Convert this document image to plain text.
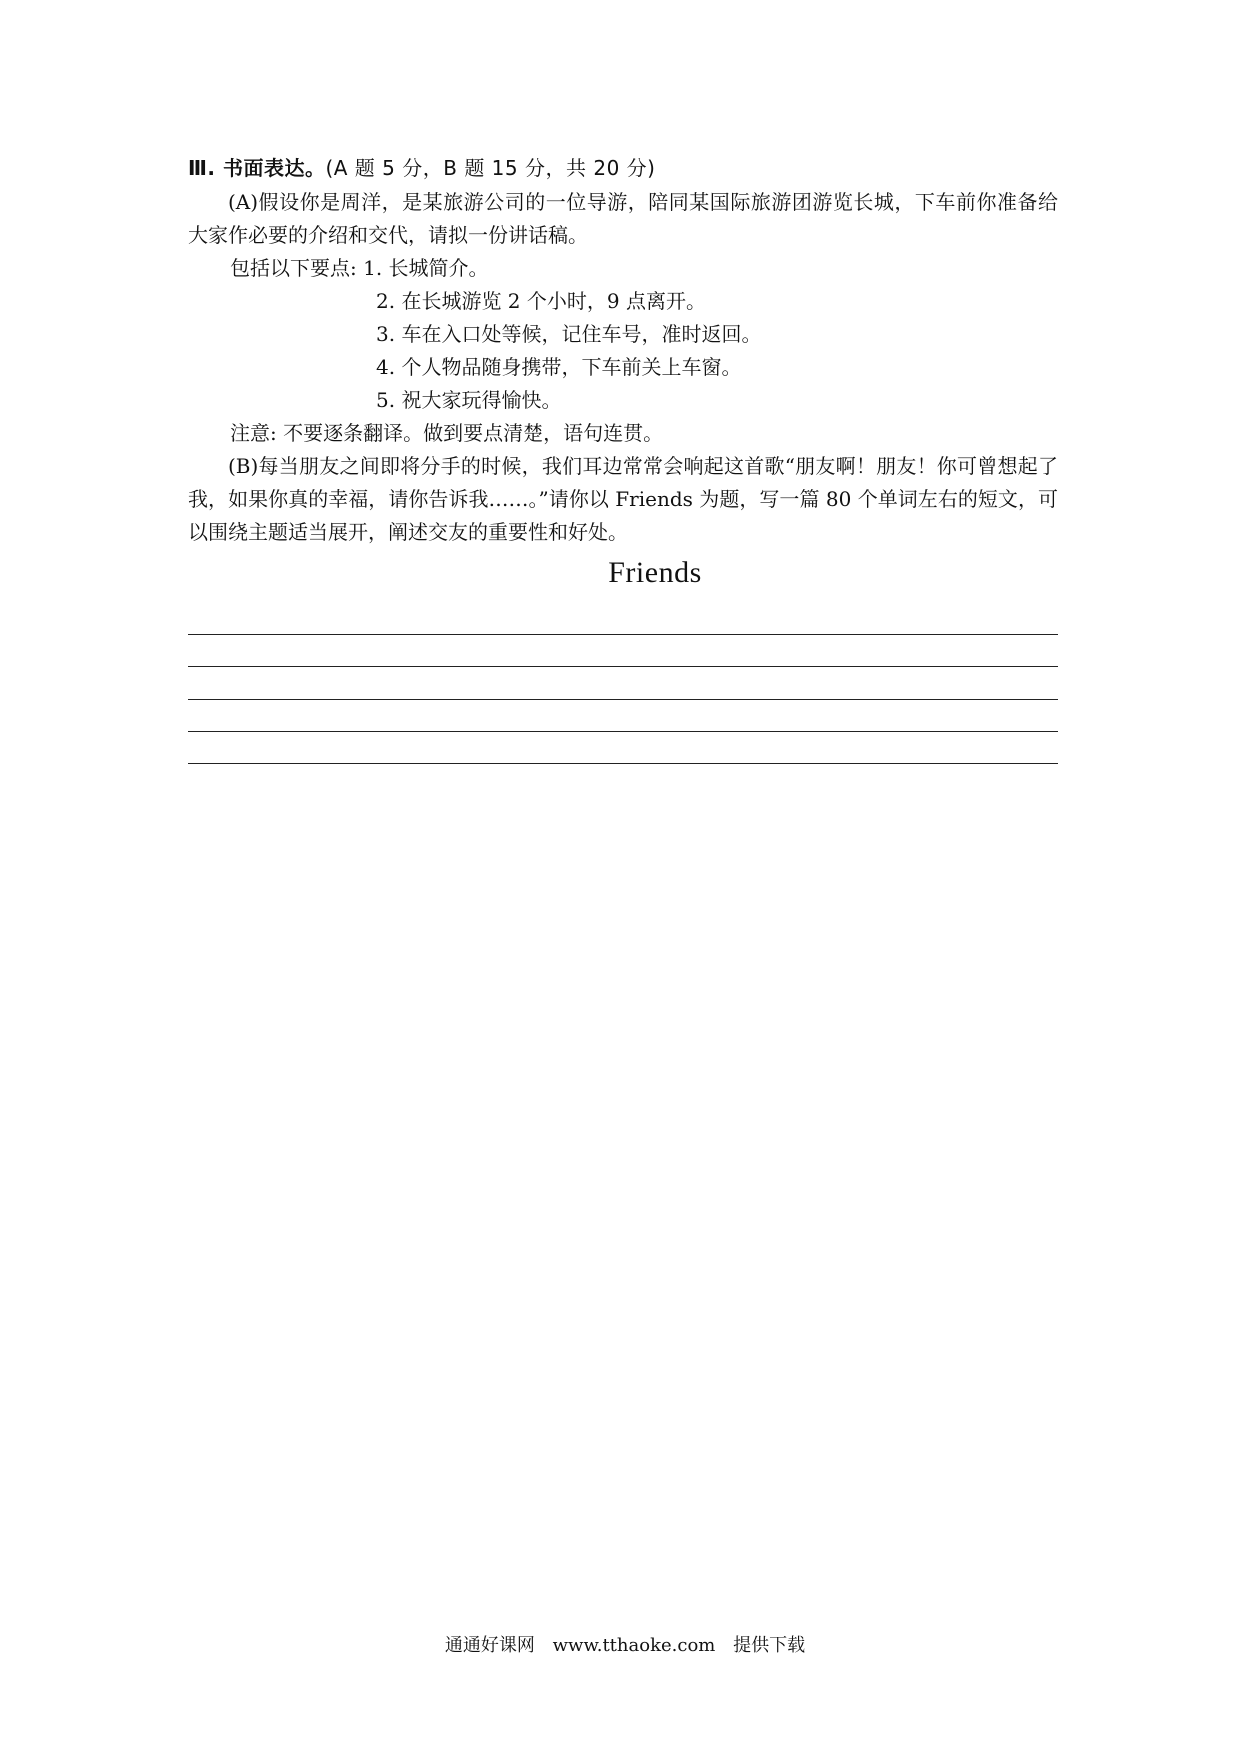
Ⅲ. 书面表达。(A 题 5 分，B 题 15 分，共 20 分)
(A)假设你是周洋，是某旅游公司的一位导游，陪同某国际旅游团游览长城，下车前你准备给大家作必要的介绍和交代，请拟一份讲话稿。
包括以下要点: 1. 长城简介。
2. 在长城游览 2 个小时，9 点离开。
3. 车在入口处等候，记住车号，准时返回。
4. 个人物品随身携带，下车前关上车窗。
5. 祝大家玩得愉快。
注意: 不要逐条翻译。做到要点清楚，语句连贯。
(B)每当朋友之间即将分手的时候，我们耳边常常会响起这首歌“朋友啊！朋友！你可曾想起了我，如果你真的幸福，请你告诉我……。”请你以 Friends 为题，写一篇 80 个单词左右的短文，可以围绕主题适当展开，阐述交友的重要性和好处。
Friends
通通好课网 www.tthaoke.com 提供下载
